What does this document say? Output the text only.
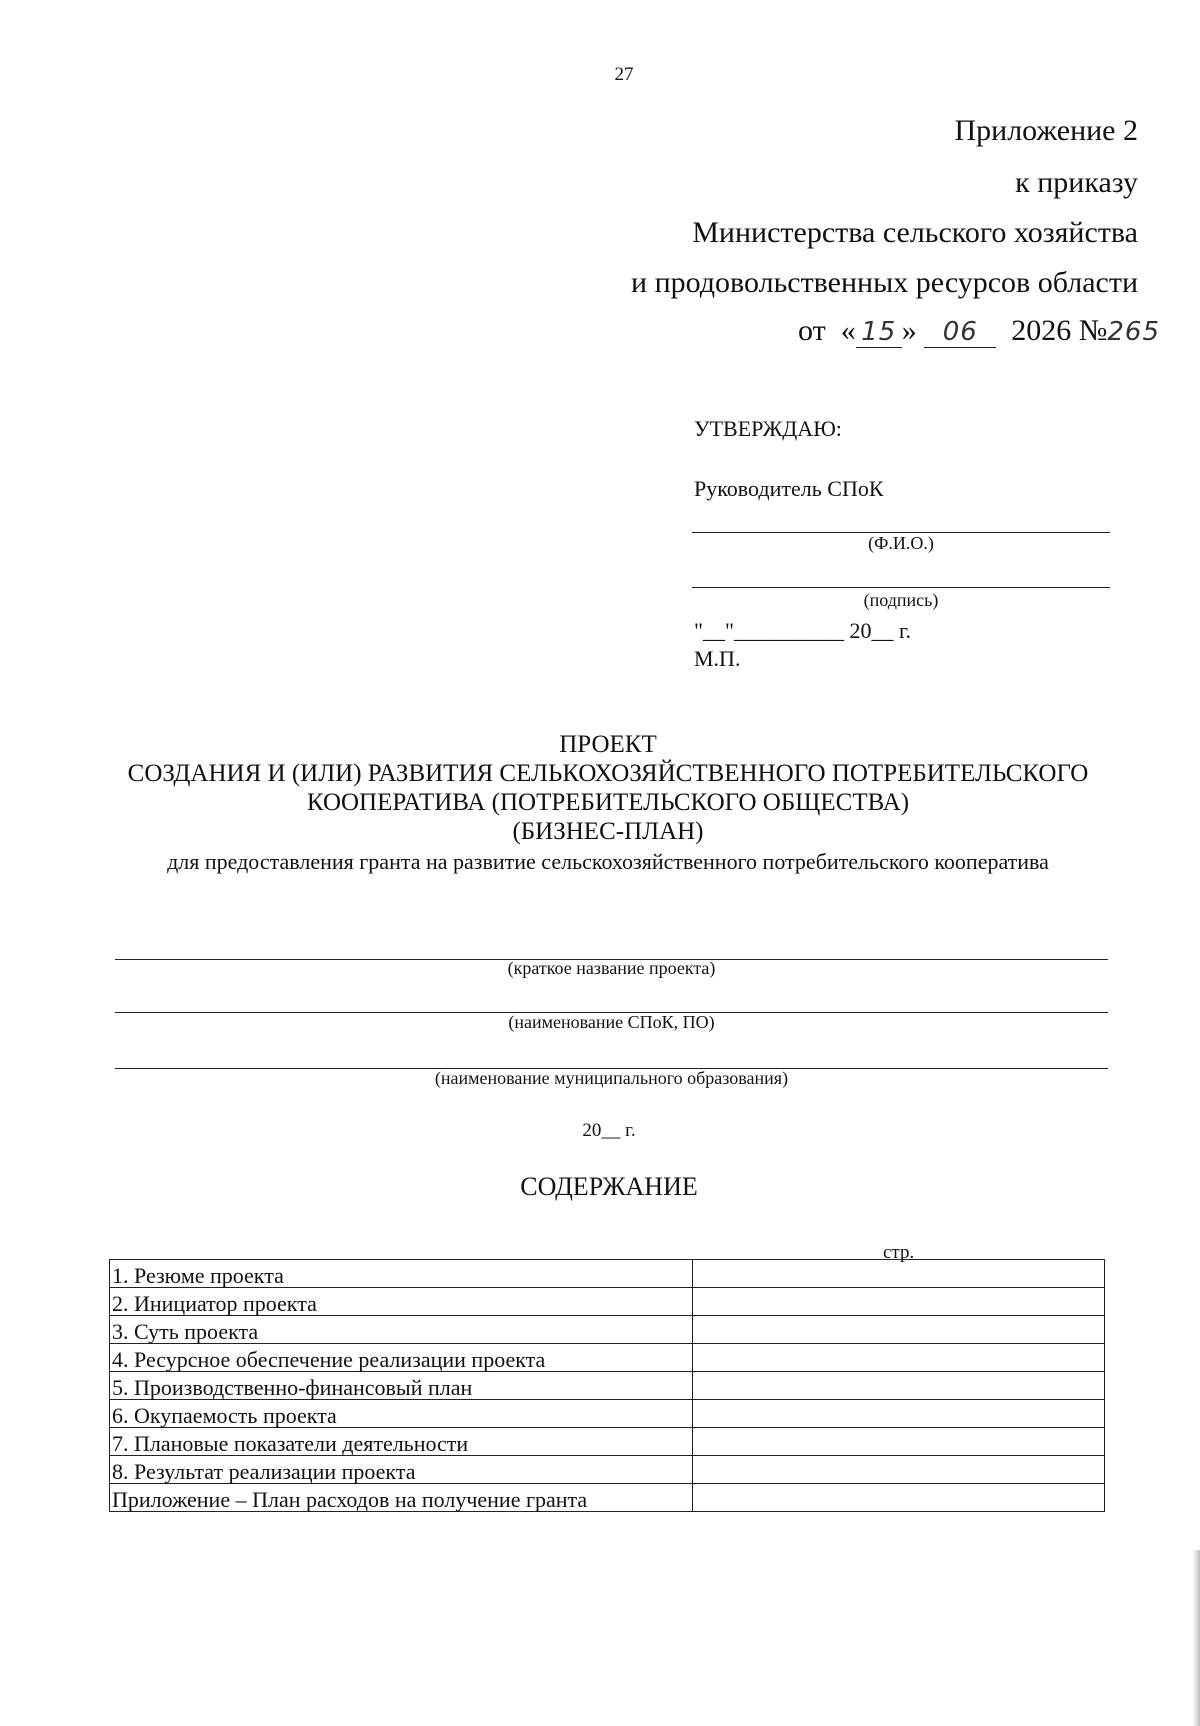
27
Приложение 2
к приказу
Министерства сельского хозяйства
и продовольственных ресурсов области
от « 15 » 06 2026 №265
УТВЕРЖДАЮ:
Руководитель СПоК
(Ф.И.О.)
(подпись)
"__"__________ 20__ г.
М.П.
ПРОЕКТ
СОЗДАНИЯ И (ИЛИ) РАЗВИТИЯ СЕЛЬКОХОЗЯЙСТВЕННОГО ПОТРЕБИТЕЛЬСКОГО
КООПЕРАТИВА (ПОТРЕБИТЕЛЬСКОГО ОБЩЕСТВА)
(БИЗНЕС-ПЛАН)
для предоставления гранта на развитие сельскохозяйственного потребительского кооператива
(краткое название проекта)
(наименование СПоК, ПО)
(наименование муниципального образования)
20__ г.
СОДЕРЖАНИЕ
стр.
1. Резюме проекта	
2. Инициатор проекта	
3. Суть проекта	
4. Ресурсное обеспечение реализации проекта	
5. Производственно-финансовый план	
6. Окупаемость проекта	
7. Плановые показатели деятельности	
8. Результат реализации проекта	
Приложение – План расходов на получение гранта	
